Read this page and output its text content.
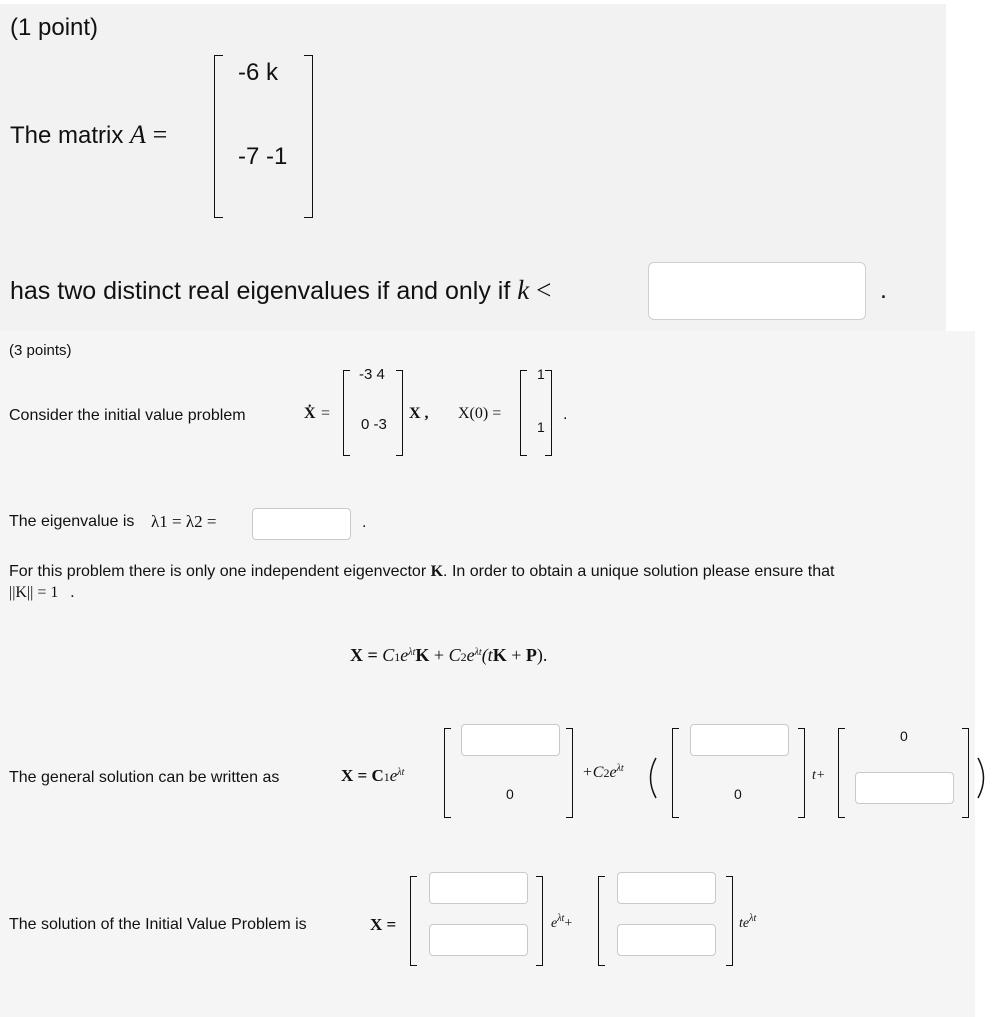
(1 point)
The matrix A =
-6 k
-7 -1
has two distinct real eigenvalues if and only if k <	.
(3 points)
Consider the initial value problem	Ẋ =
-3 4
0 -3
X , X(0) =
1
1
.
The eigenvalue is λ1 = λ2 =	.
For this problem there is only one independent eigenvector K. In order to obtain a unique solution please ensure that
||K|| = 1 .
$X = C1e^{\lambda t}K + C2e^{\lambda t}(tK + P)$.
The general solution can be written as	$X = C1e^{\lambda t}$
0
$+C2e^{\lambda t}$
0
t+
0
The solution of the Initial Value Problem is	X =	$e^{\lambda t}+$	$te^{\lambda t}$
